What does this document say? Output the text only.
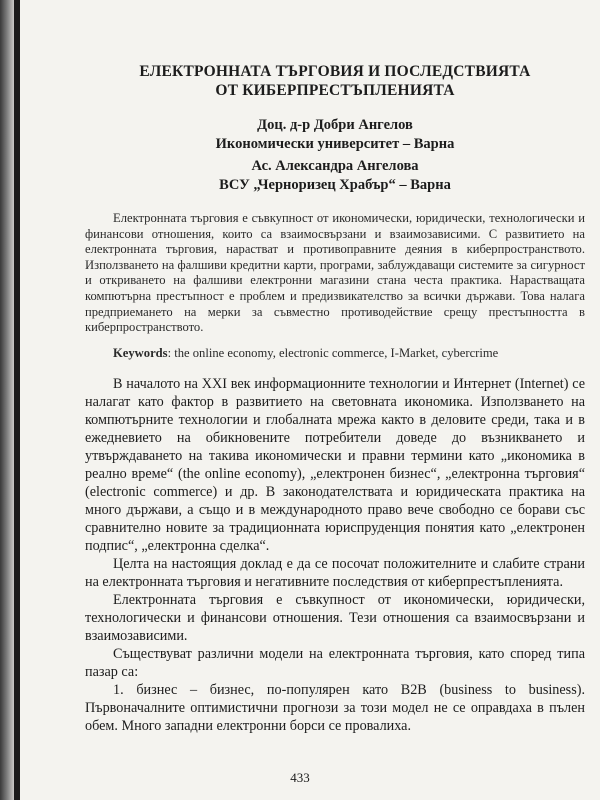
ЕЛЕКТРОННАТА ТЪРГОВИЯ И ПОСЛЕДСТВИЯТА
ОТ КИБЕРПРЕСТЪПЛЕНИЯТА
Доц. д-р Добри Ангелов
Икономически университет – Варна
Ас. Александра Ангелова
ВСУ „Черноризец Храбър“ – Варна
Електронната търговия е съвкупност от икономически, юридически, технологически и финансови отношения, които са взаимосвързани и взаимозависими. С развитието на електронната търговия, нарастват и противоправните деяния в киберпространството. Използването на фалшиви кредитни карти, програми, заблуждаващи системите за сигурност и откриването на фалшиви електронни магазини стана честа практика. Нарастващата компютърна престъпност е проблем и предизвикателство за всички държави. Това налага предприемането на мерки за съвместно противодействие срещу престъпността в киберпространството.
Keywords: the online economy, electronic commerce, I-Market, cybercrime

В началото на XXI век информационните технологии и Интернет (Internet) се налагат като фактор в развитието на световната икономика. Използването на компютърните технологии и глобалната мрежа както в деловите среди, така и в ежедневието на обикновените потребители доведе до възникването и утвърждаването на такива икономически и правни термини като „икономика в реално време“ (the online economy), „електронен бизнес“, „електронна търговия“ (electronic commerce) и др. В законодателствата и юридическата практика на много държави, а също и в международното право вече свободно се борави със сравнително новите за традиционната юриспруденция понятия като „електронен подпис“, „електронна сделка“.

Целта на настоящия доклад е да се посочат положителните и слабите страни на електронната търговия и негативните последствия от киберпрестъпленията.

Електронната търговия е съвкупност от икономически, юридически, технологически и финансови отношения. Тези отношения са взаимосвързани и взаимозависими.

Съществуват различни модели на електронната търговия, като според типа пазар са:

1. бизнес – бизнес, по-популярен като B2B (business to business). Първоначалните оптимистични прогнози за този модел не се оправдаха в пълен обем. Много западни електронни борси се провалиха.

433
